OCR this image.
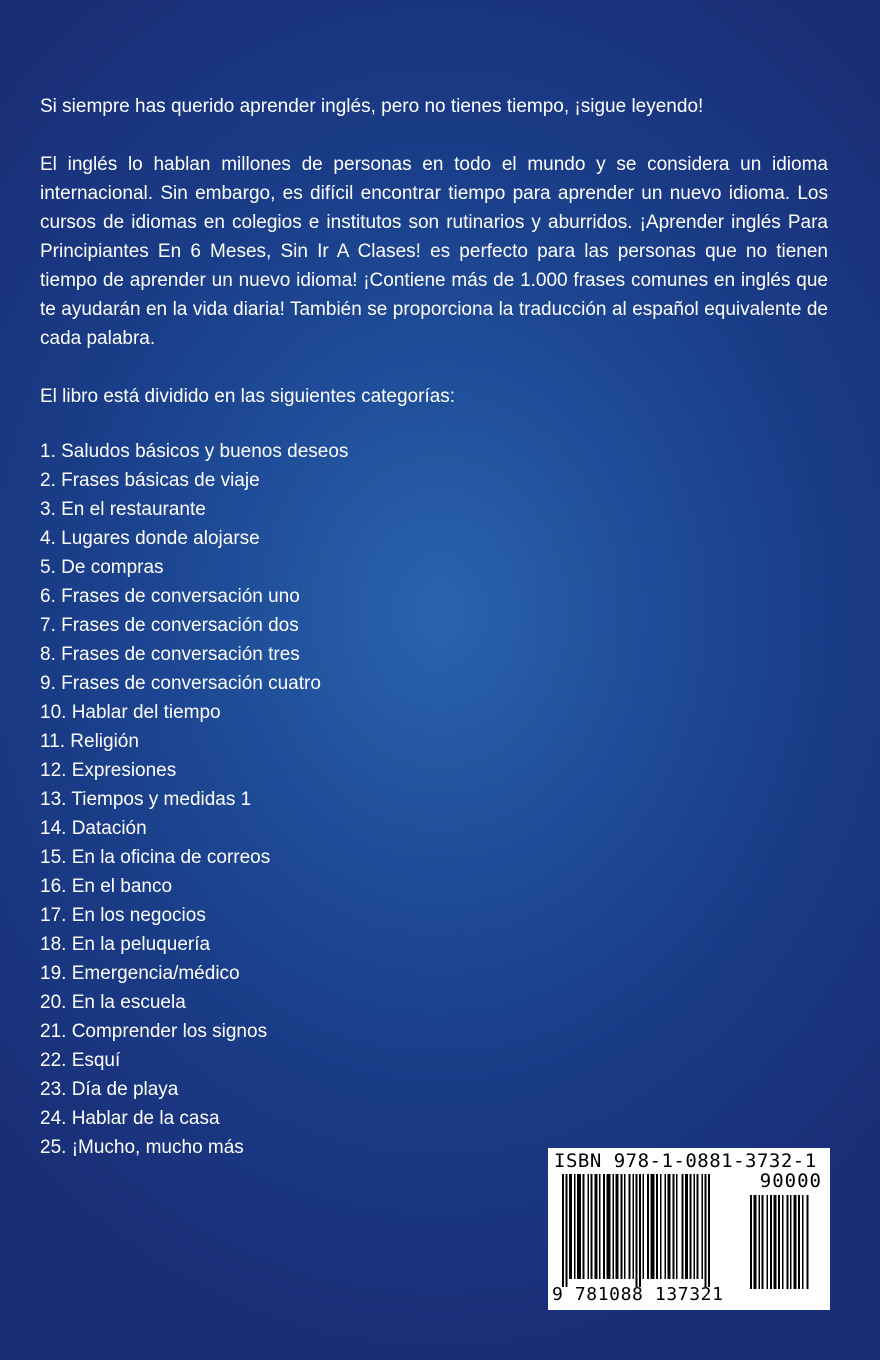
Si siempre has querido aprender inglés, pero no tienes tiempo, ¡sigue leyendo!

El inglés lo hablan millones de personas en todo el mundo y se considera un idioma internacional. Sin embargo, es difícil encontrar tiempo para aprender un nuevo idioma. Los cursos de idiomas en colegios e institutos son rutinarios y aburridos. ¡Aprender inglés Para Principiantes En 6 Meses, Sin Ir A Clases! es perfecto para las personas que no tienen tiempo de aprender un nuevo idioma! ¡Contiene más de 1.000 frases comunes en inglés que te ayudarán en la vida diaria! También se proporciona la traducción al español equivalente de cada palabra.

El libro está dividido en las siguientes categorías:

1. Saludos básicos y buenos deseos
2. Frases básicas de viaje
3. En el restaurante
4. Lugares donde alojarse
5. De compras
6. Frases de conversación uno
7. Frases de conversación dos
8. Frases de conversación tres
9. Frases de conversación cuatro
10. Hablar del tiempo
11. Religión
12. Expresiones
13. Tiempos y medidas 1
14. Datación
15. En la oficina de correos
16. En el banco
17. En los negocios
18. En la peluquería
19. Emergencia/médico
20. En la escuela
21. Comprender los signos
22. Esquí
23. Día de playa
24. Hablar de la casa
25. ¡Mucho, mucho más
ISBN 978-1-0881-3732-1
90000
9 781088 137321
